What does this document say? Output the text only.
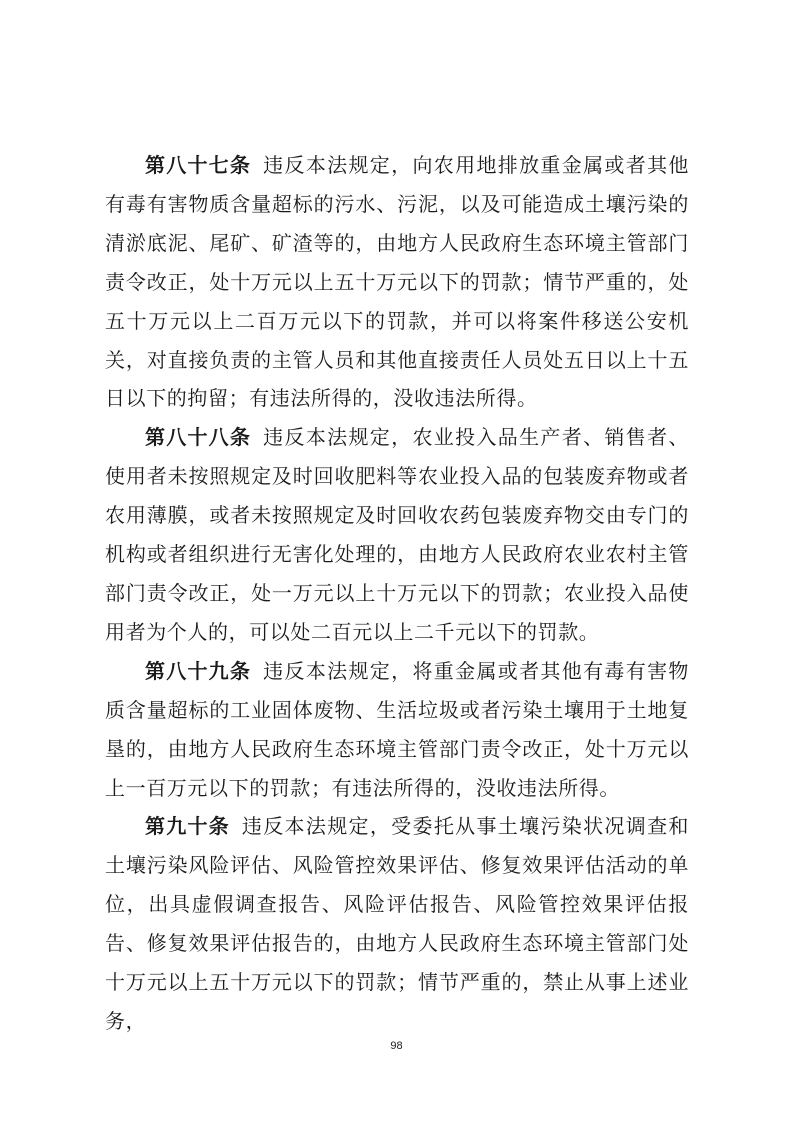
第八十七条 违反本法规定，向农用地排放重金属或者其他有毒有害物质含量超标的污水、污泥，以及可能造成土壤污染的清淤底泥、尾矿、矿渣等的，由地方人民政府生态环境主管部门责令改正，处十万元以上五十万元以下的罚款；情节严重的，处五十万元以上二百万元以下的罚款，并可以将案件移送公安机关，对直接负责的主管人员和其他直接责任人员处五日以上十五日以下的拘留；有违法所得的，没收违法所得。

第八十八条 违反本法规定，农业投入品生产者、销售者、使用者未按照规定及时回收肥料等农业投入品的包装废弃物或者农用薄膜，或者未按照规定及时回收农药包装废弃物交由专门的机构或者组织进行无害化处理的，由地方人民政府农业农村主管部门责令改正，处一万元以上十万元以下的罚款；农业投入品使用者为个人的，可以处二百元以上二千元以下的罚款。

第八十九条 违反本法规定，将重金属或者其他有毒有害物质含量超标的工业固体废物、生活垃圾或者污染土壤用于土地复垦的，由地方人民政府生态环境主管部门责令改正，处十万元以上一百万元以下的罚款；有违法所得的，没收违法所得。

第九十条 违反本法规定，受委托从事土壤污染状况调查和土壤污染风险评估、风险管控效果评估、修复效果评估活动的单位，出具虚假调查报告、风险评估报告、风险管控效果评估报告、修复效果评估报告的，由地方人民政府生态环境主管部门处十万元以上五十万元以下的罚款；情节严重的，禁止从事上述业务，

98
